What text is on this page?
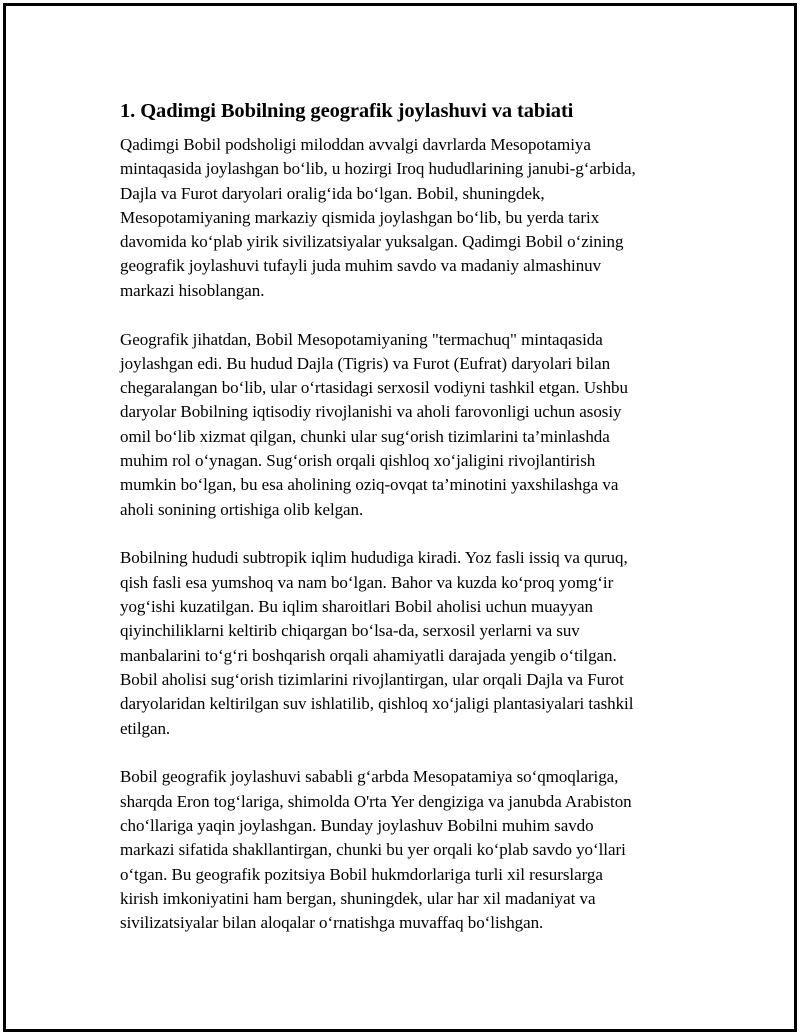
1. Qadimgi Bobilning geografik joylashuvi va tabiati

Qadimgi Bobil podsholigi miloddan avvalgi davrlarda Mesopotamiya
mintaqasida joylashgan bo‘lib, u hozirgi Iroq hududlarining janubi-g‘arbida,
Dajla va Furot daryolari oralig‘ida bo‘lgan. Bobil, shuningdek,
Mesopotamiyaning markaziy qismida joylashgan bo‘lib, bu yerda tarix
davomida ko‘plab yirik sivilizatsiyalar yuksalgan. Qadimgi Bobil o‘zining
geografik joylashuvi tufayli juda muhim savdo va madaniy almashinuv
markazi hisoblangan.

Geografik jihatdan, Bobil Mesopotamiyaning "termachuq" mintaqasida
joylashgan edi. Bu hudud Dajla (Tigris) va Furot (Eufrat) daryolari bilan
chegaralangan bo‘lib, ular o‘rtasidagi serxosil vodiyni tashkil etgan. Ushbu
daryolar Bobilning iqtisodiy rivojlanishi va aholi farovonligi uchun asosiy
omil bo‘lib xizmat qilgan, chunki ular sug‘orish tizimlarini ta’minlashda
muhim rol o‘ynagan. Sug‘orish orqali qishloq xo‘jaligini rivojlantirish
mumkin bo‘lgan, bu esa aholining oziq-ovqat ta’minotini yaxshilashga va
aholi sonining ortishiga olib kelgan.

Bobilning hududi subtropik iqlim hududiga kiradi. Yoz fasli issiq va quruq,
qish fasli esa yumshoq va nam bo‘lgan. Bahor va kuzda ko‘proq yomg‘ir
yog‘ishi kuzatilgan. Bu iqlim sharoitlari Bobil aholisi uchun muayyan
qiyinchiliklarni keltirib chiqargan bo‘lsa-da, serxosil yerlarni va suv
manbalarini to‘g‘ri boshqarish orqali ahamiyatli darajada yengib o‘tilgan.
Bobil aholisi sug‘orish tizimlarini rivojlantirgan, ular orqali Dajla va Furot
daryolaridan keltirilgan suv ishlatilib, qishloq xo‘jaligi plantasiyalari tashkil
etilgan.

Bobil geografik joylashuvi sababli g‘arbda Mesopatamiya so‘qmoqlariga,
sharqda Eron tog‘lariga, shimolda O'rta Yer dengiziga va janubda Arabiston
cho‘llariga yaqin joylashgan. Bunday joylashuv Bobilni muhim savdo
markazi sifatida shakllantirgan, chunki bu yer orqali ko‘plab savdo yo‘llari
o‘tgan. Bu geografik pozitsiya Bobil hukmdorlariga turli xil resurslarga
kirish imkoniyatini ham bergan, shuningdek, ular har xil madaniyat va
sivilizatsiyalar bilan aloqalar o‘rnatishga muvaffaq bo‘lishgan.
